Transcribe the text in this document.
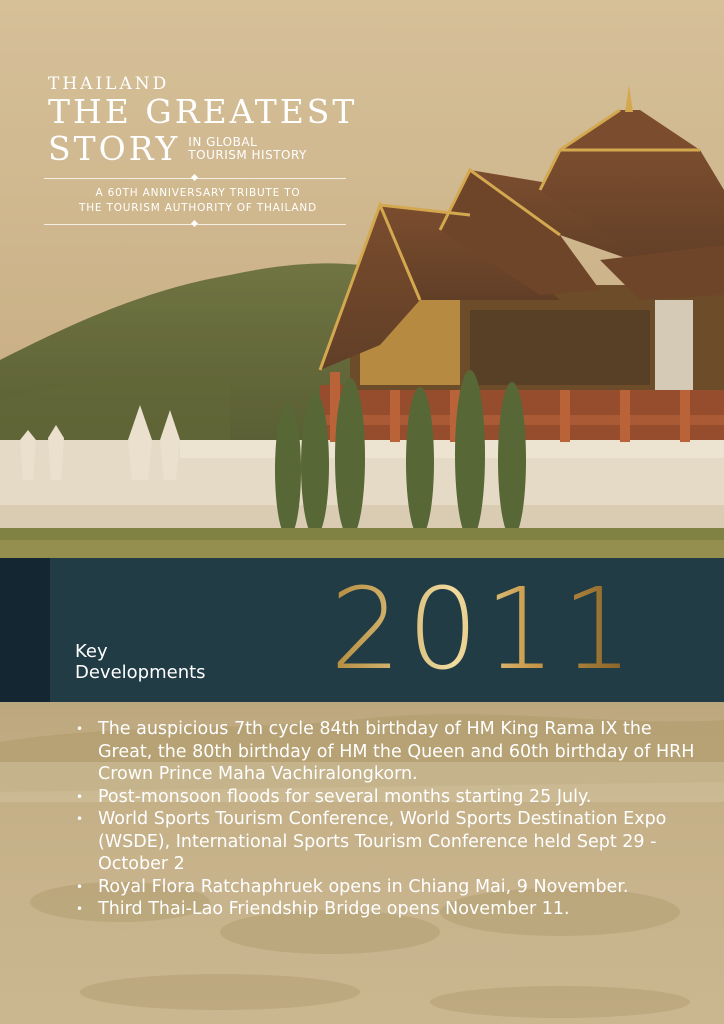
THAILAND

THE GREATEST

STORY IN GLOBAL
TOURISM HISTORY
A 60TH ANNIVERSARY TRIBUTE TO
THE TOURISM AUTHORITY OF THAILAND
Key
Developments 2011
• The auspicious 7th cycle 84th birthday of HM King Rama IX the Great, the 80th birthday of HM the Queen and 60th birthday of HRH Crown Prince Maha Vachiralongkorn.
• Post-monsoon floods for several months starting 25 July.
• World Sports Tourism Conference, World Sports Destination Expo (WSDE), International Sports Tourism Conference held Sept 29 - October 2
• Royal Flora Ratchaphruek opens in Chiang Mai, 9 November.
• Third Thai-Lao Friendship Bridge opens November 11.
